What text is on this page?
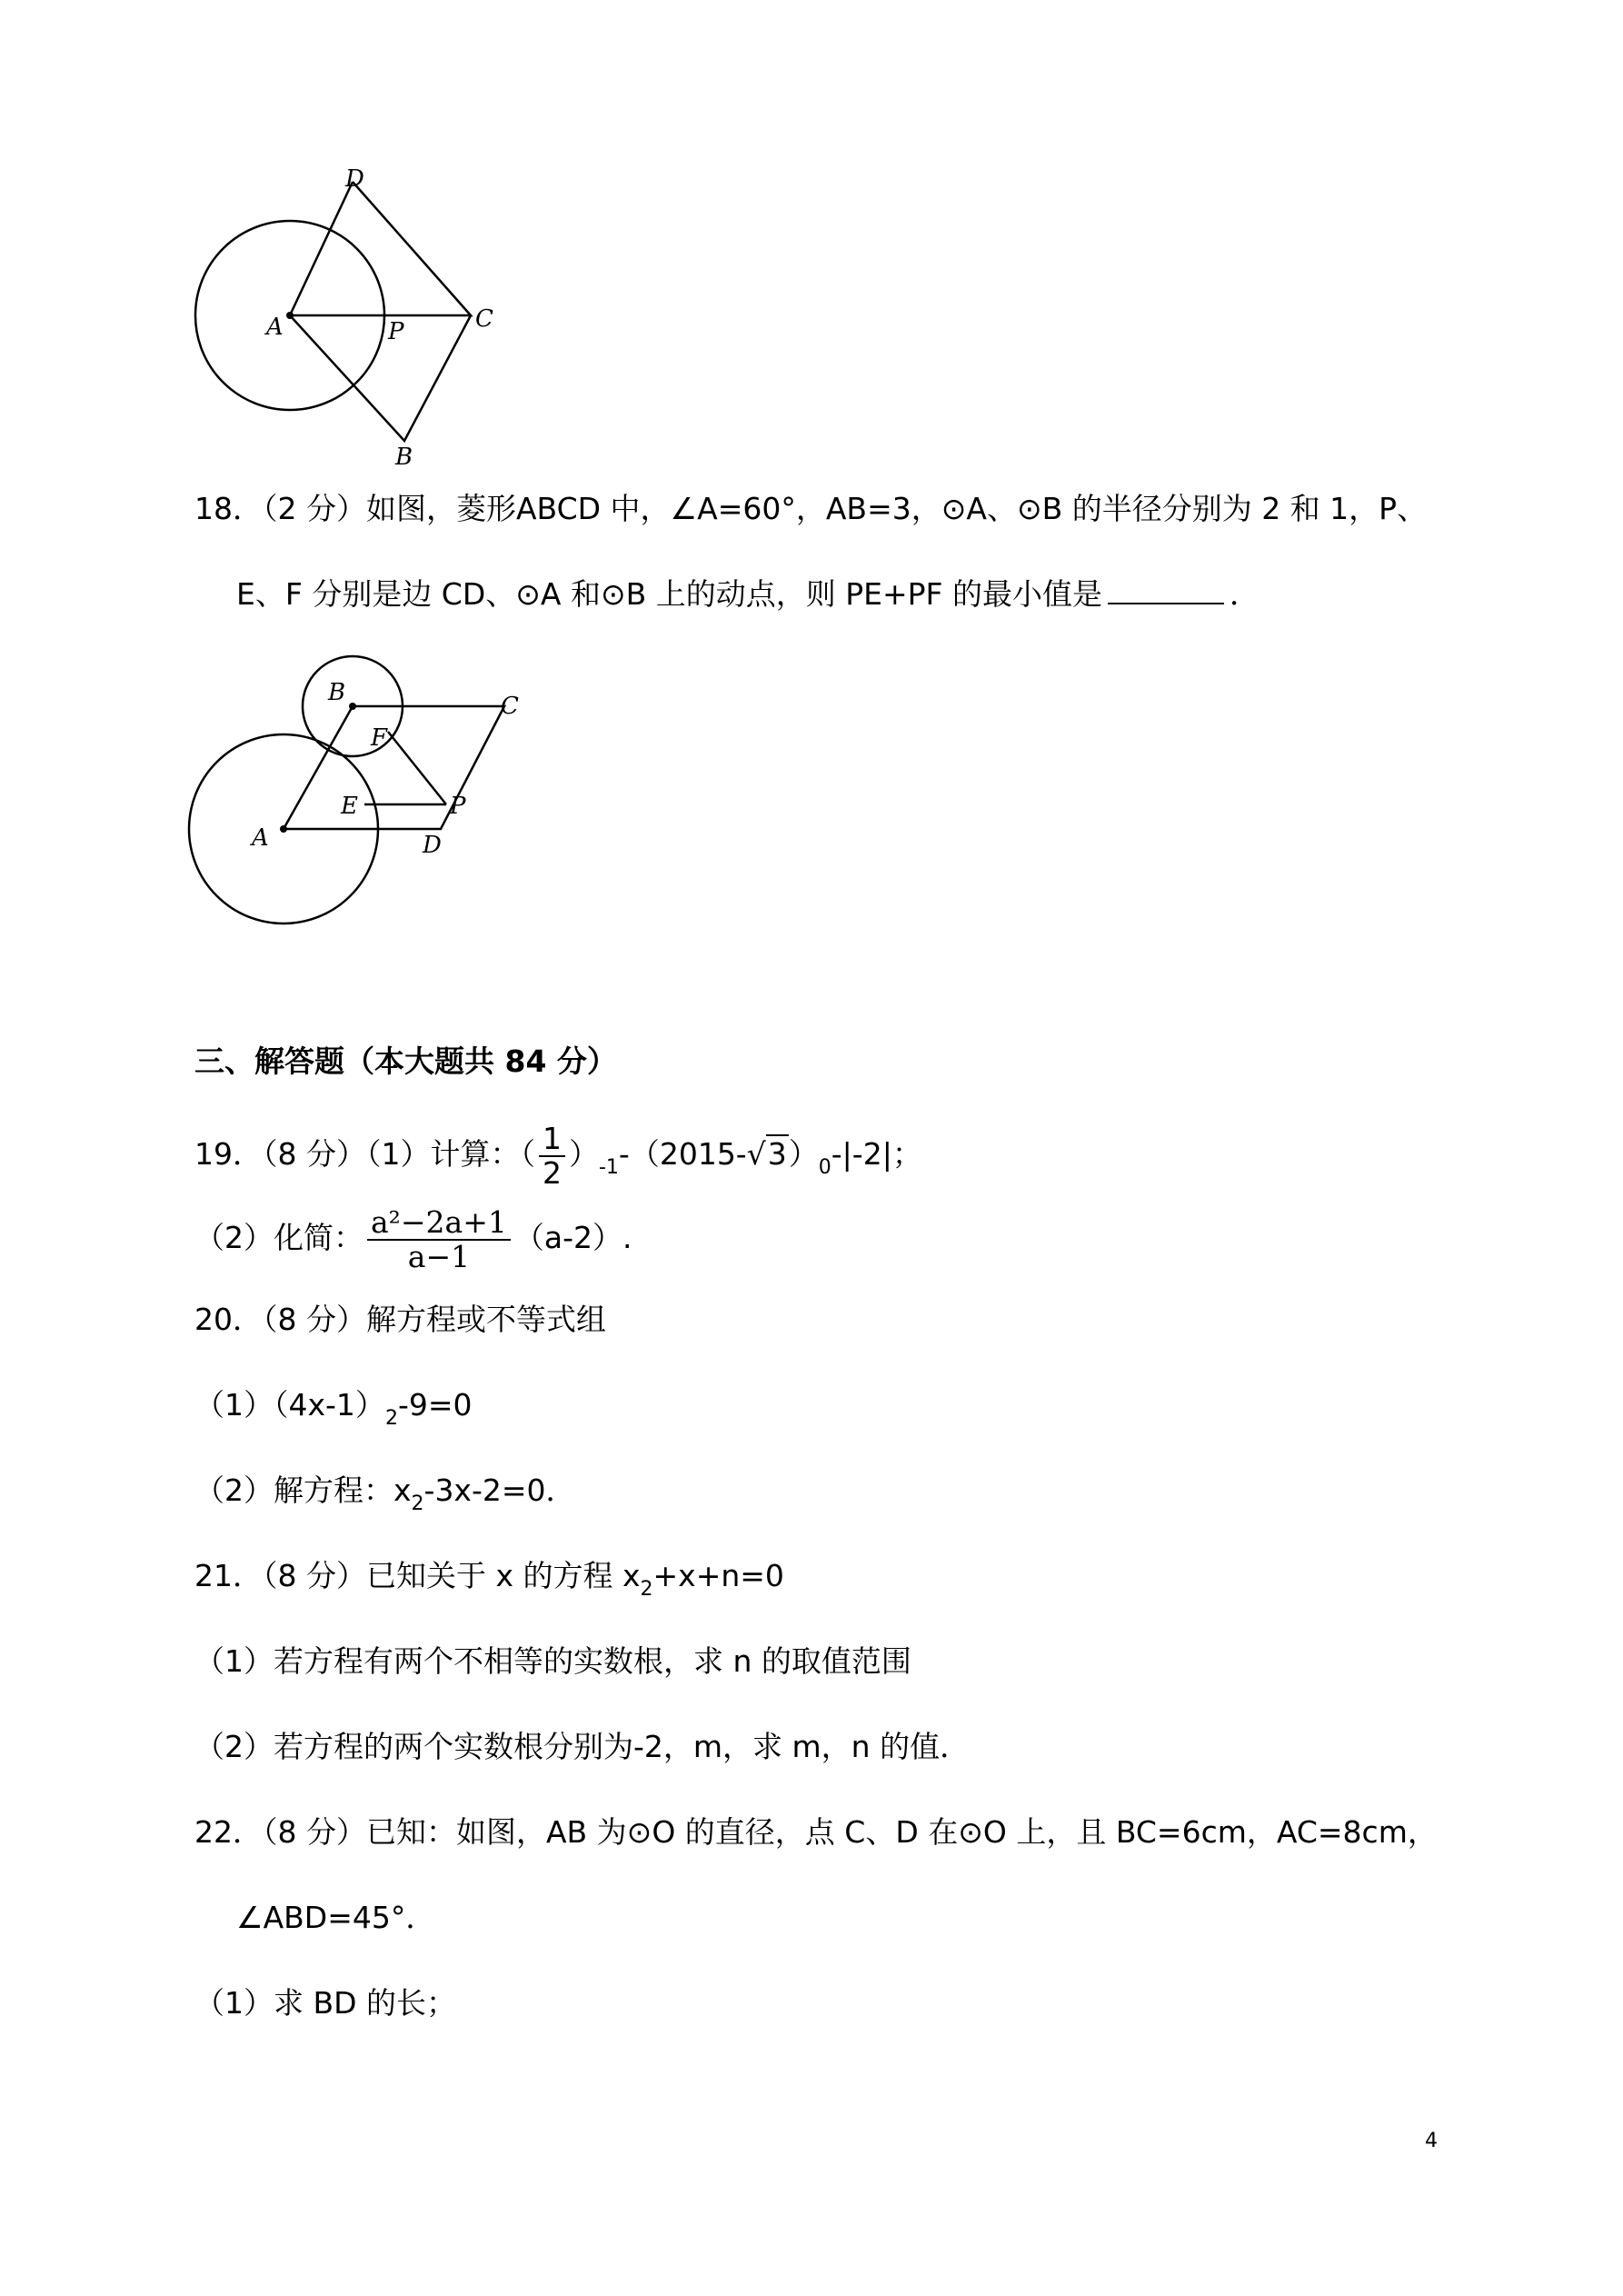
D
A	P	C
B
18．（2 分）如图，菱形ABCD 中，∠A=60°，AB=3，⊙A、⊙B 的半径分别为 2 和 1，P、
E、F 分别是边 CD、⊙A 和⊙B 上的动点，则 PE+PF 的最小值是	．
B	C
F
E	P
A	D
三、解答题（本大题共 84 分）
19．（8 分）（1）计算：（ $\frac{1}{2} )_{-1}-(2015-√3)_0-|-2|$；
（2）化简： $\frac{\text{a²−2a+1}}{a-1} (a-2)$.
20．（8 分）解方程或不等式组
$(1)(4x-1)_2-9=0$
（2）解方程：$x_2-3x-2=0$．
21．（8 分）已知关于 x 的方程 $x_2+x+n=0$
（1）若方程有两个不相等的实数根，求 n 的取值范围
（2）若方程的两个实数根分别为-2，m，求 m，n 的值．
22．（8 分）已知：如图，AB 为⊙O 的直径，点 C、D 在⊙O 上，且 BC=6cm，AC=8cm，
∠ABD=45°．
（1）求 BD 的长；
4
